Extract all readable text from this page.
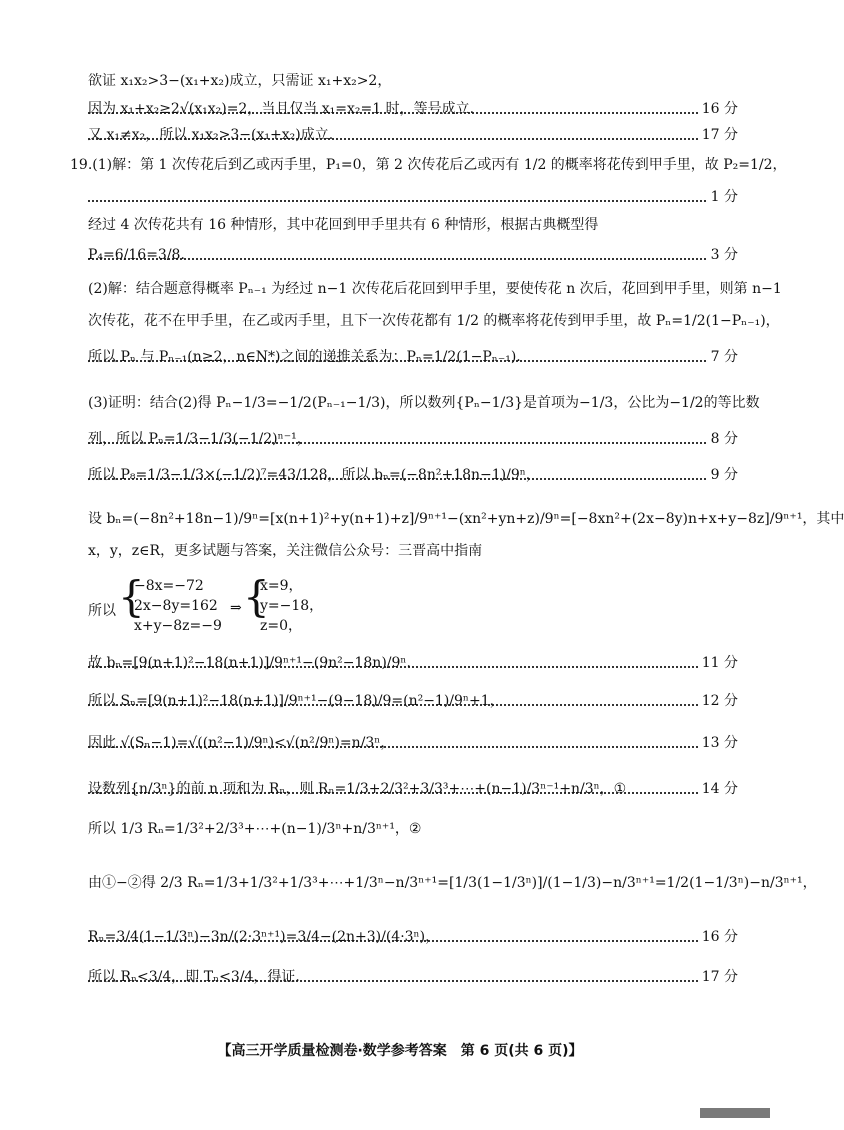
欲证 x₁x₂>3−(x₁+x₂)成立，只需证 x₁+x₂>2，
因为 x₁+x₂≥2√(x₁x₂)=2，当且仅当 x₁=x₂=1 时，等号成立.	16 分
又 x₁≠x₂，所以 x₁x₂>3−(x₁+x₂)成立.	17 分
19.(1)解：第 1 次传花后到乙或丙手里，P₁=0，第 2 次传花后乙或丙有 1/2 的概率将花传到甲手里，故 P₂=1/2，
1 分
经过 4 次传花共有 16 种情形，其中花回到甲手里共有 6 种情形，根据古典概型得
P₄=6/16=3/8.	3 分
(2)解：结合题意得概率 Pₙ₋₁ 为经过 n−1 次传花后花回到甲手里，要使传花 n 次后，花回到甲手里，则第 n−1
次传花，花不在甲手里，在乙或丙手里，且下一次传花都有 1/2 的概率将花传到甲手里，故 Pₙ=1/2(1−Pₙ₋₁)，
所以 Pₙ 与 Pₙ₋₁(n≥2，n∈N*)之间的递推关系为：Pₙ=1/2(1−Pₙ₋₁).	7 分
(3)证明：结合(2)得 Pₙ−1/3=−1/2(Pₙ₋₁−1/3)，所以数列{Pₙ−1/3}是首项为−1/3，公比为−1/2的等比数
列，所以 Pₙ=1/3−1/3(−1/2)ⁿ⁻¹，	8 分
所以 P₈=1/3−1/3×(−1/2)⁷=43/128，所以 bₙ=(−8n²+18n−1)/9ⁿ，	9 分
设 bₙ=(−8n²+18n−1)/9ⁿ=[x(n+1)²+y(n+1)+z]/9ⁿ⁺¹−(xn²+yn+z)/9ⁿ=[−8xn²+(2x−8y)n+x+y−8z]/9ⁿ⁺¹，其中
x，y，z∈R，更多试题与答案，关注微信公众号：三晋高中指南
所以 {
−8x=−72
2x−8y=162
x+y−8z=−9
⇒ {
x=9，
y=−18，
z=0，
故 bₙ=[9(n+1)²−18(n+1)]/9ⁿ⁺¹−(9n²−18n)/9ⁿ.	11 分
所以 Sₙ=[9(n+1)²−18(n+1)]/9ⁿ⁺¹−(9−18)/9=(n²−1)/9ⁿ+1，	12 分
因此 √(Sₙ−1)=√((n²−1)/9ⁿ)<√(n²/9ⁿ)=n/3ⁿ，	13 分
设数列{n/3ⁿ}的前 n 项和为 Rₙ，则 Rₙ=1/3+2/3²+3/3³+⋯+(n−1)/3ⁿ⁻¹+n/3ⁿ，①	14 分
所以 1/3 Rₙ=1/3²+2/3³+⋯+(n−1)/3ⁿ+n/3ⁿ⁺¹，②
由①−②得 2/3 Rₙ=1/3+1/3²+1/3³+⋯+1/3ⁿ−n/3ⁿ⁺¹=[1/3(1−1/3ⁿ)]/(1−1/3)−n/3ⁿ⁺¹=1/2(1−1/3ⁿ)−n/3ⁿ⁺¹，
Rₙ=3/4(1−1/3ⁿ)−3n/(2·3ⁿ⁺¹)=3/4−(2n+3)/(4·3ⁿ)，	16 分
所以 Rₙ<3/4，即 Tₙ<3/4，得证.	17 分
【高三开学质量检测卷·数学参考答案　第 6 页(共 6 页)】
